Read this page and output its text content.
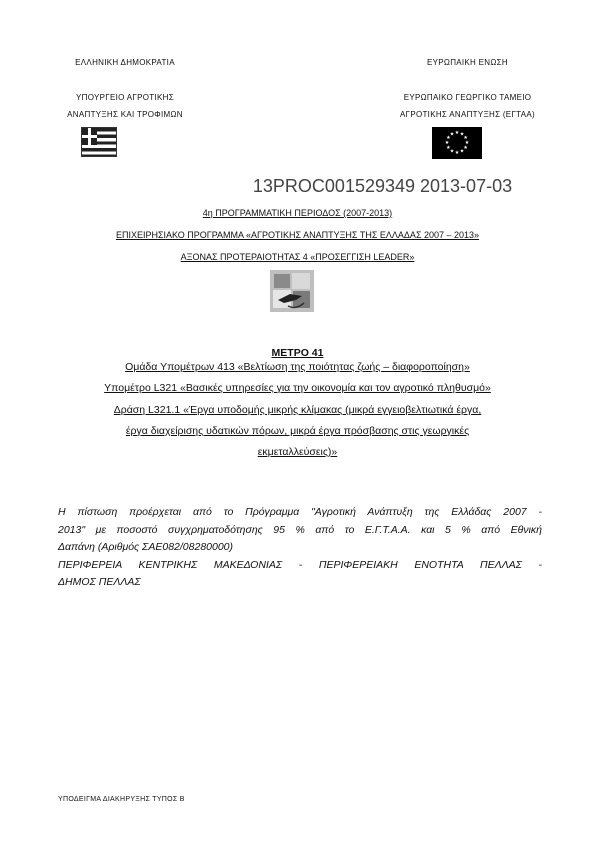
ΕΛΛΗΝΙΚΗ ΔΗΜΟΚΡΑΤΙΑ	ΕΥΡΩΠΑΙΚΗ ΕΝΩΣΗ
ΥΠΟΥΡΓΕΙΟ ΑΓΡΟΤΙΚΗΣ
ΑΝΑΠΤΥΞΗΣ ΚΑΙ ΤΡΟΦΙΜΩΝ
ΕΥΡΩΠΑΙΚΟ ΓΕΩΡΓΙΚΟ ΤΑΜΕΙΟ
ΑΓΡΟΤΙΚΗΣ ΑΝΑΠΤΥΞΗΣ (ΕΓΤΑΑ)
★ ★
★
★
★
★
★
★
★
★
★
★
13PROC001529349 2013-07-03
4η ΠΡΟΓΡΑΜΜΑΤΙΚΗ ΠΕΡΙΟΔΟΣ (2007-2013)
ΕΠΙΧΕΙΡΗΣΙΑΚΟ ΠΡΟΓΡΑΜΜΑ «ΑΓΡΟΤΙΚΗΣ ΑΝΑΠΤΥΞΗΣ ΤΗΣ ΕΛΛΑΔΑΣ 2007 – 2013»
ΑΞΟΝΑΣ ΠΡΟΤΕΡΑΙΟΤΗΤΑΣ 4 «ΠΡΟΣΕΓΓΙΣΗ LEADER»
ΜΕΤΡΟ 41
Ομάδα Υπομέτρων 413 «Βελτίωση της ποιότητας ζωής – διαφοροποίηση»
Υπομέτρο L321 «Βασικές υπηρεσίες για την οικονομία και τον αγροτικό πληθυσμό»
Δράση L321.1 «Έργα υποδομής μικρής κλίμακας (μικρά εγγειοβελτιωτικά έργα,
έργα διαχείρισης υδατικών πόρων, μικρά έργα πρόσβασης στις γεωργικές
εκμεταλλεύσεις)»
Η πίστωση προέρχεται από το Πρόγραμμα "Αγροτική Ανάπτυξη της Ελλάδας 2007 -
2013" με ποσοστό συγχρηματοδότησης 95 % από το Ε.Γ.Τ.Α.Α. και 5 % από Εθνική
Δαπάνη (Αριθμός ΣΑΕ082/08280000)
ΠΕΡΙΦΕΡΕΙΑ ΚΕΝΤΡΙΚΗΣ ΜΑΚΕΔΟΝΙΑΣ - ΠΕΡΙΦΕΡΕΙΑΚΗ ΕΝΟΤΗΤΑ ΠΕΛΛΑΣ -
ΔΗΜΟΣ ΠΕΛΛΑΣ
ΥΠΟΔΕΙΓΜΑ ΔΙΑΚΗΡΥΞΗΣ ΤΥΠΟΣ Β
